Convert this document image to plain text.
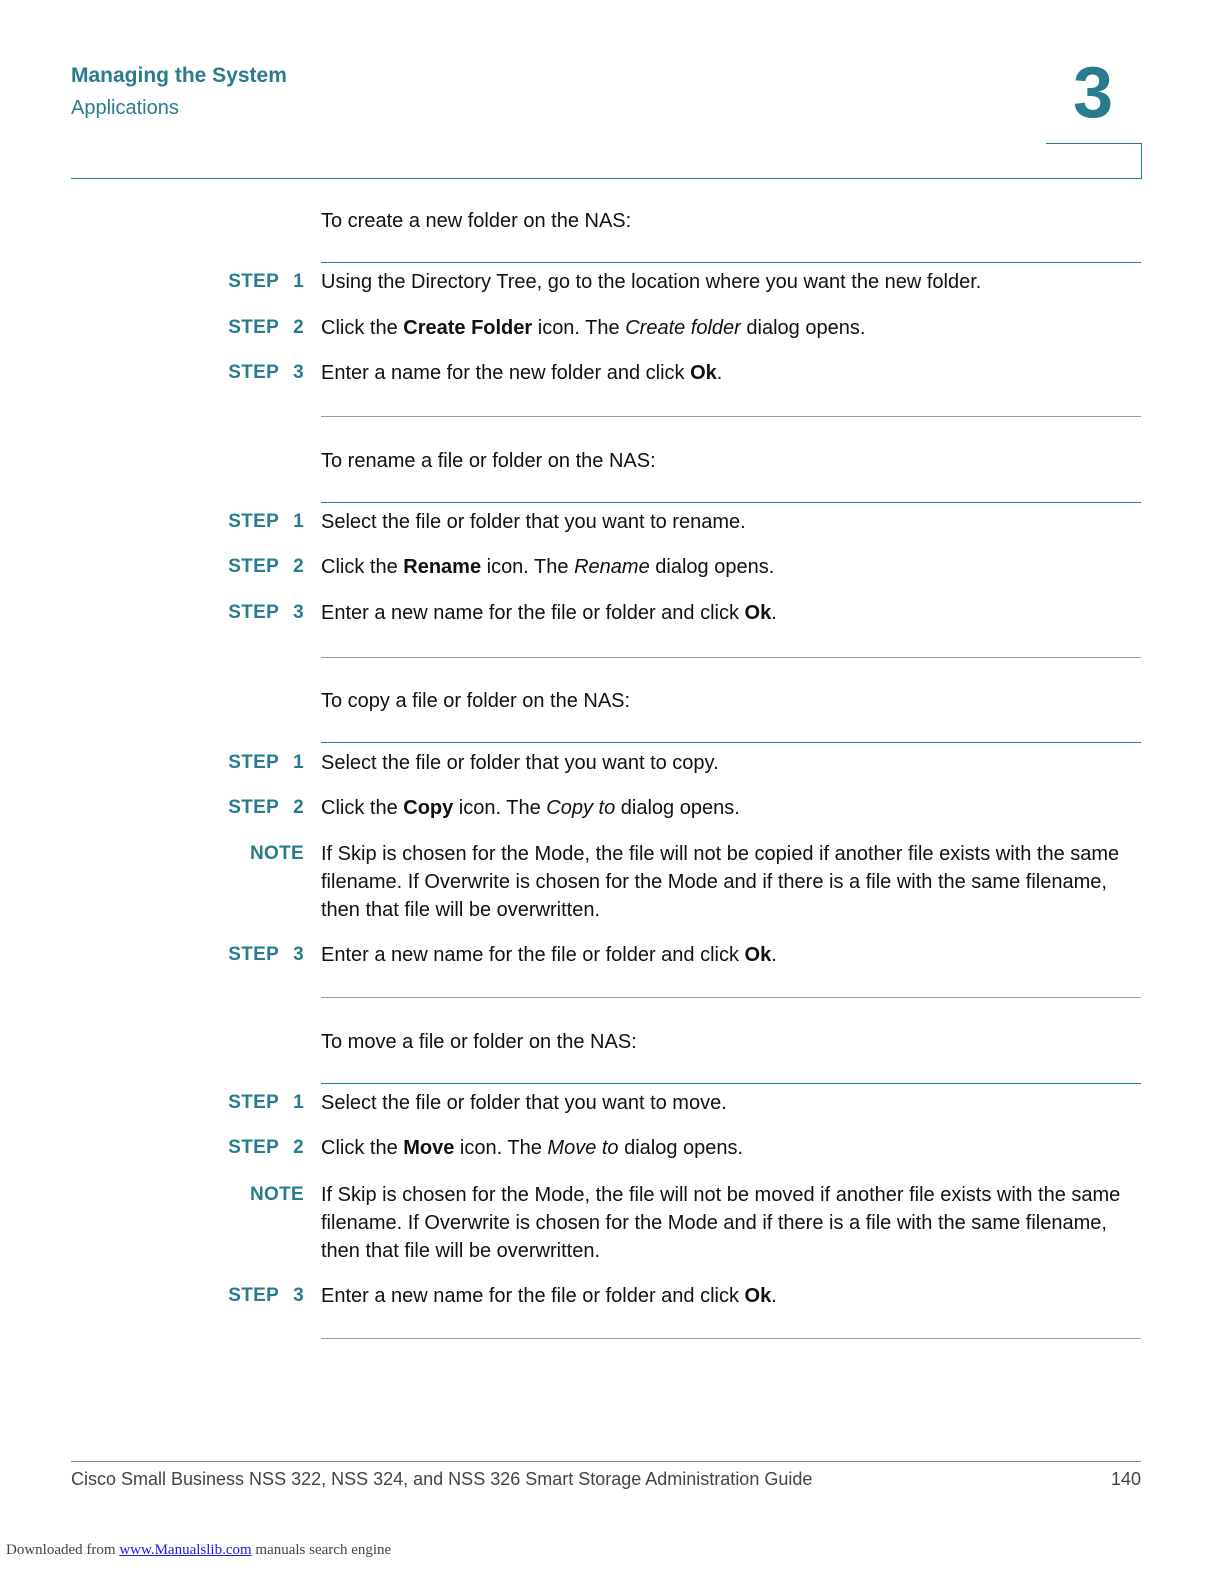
Managing the System
Applications	3
To create a new folder on the NAS:
STEP 1 Using the Directory Tree, go to the location where you want the new folder.
STEP 2 Click the Create Folder icon. The Create folder dialog opens.
STEP 3 Enter a name for the new folder and click Ok.
To rename a file or folder on the NAS:
STEP 1 Select the file or folder that you want to rename.
STEP 2 Click the Rename icon. The Rename dialog opens.
STEP 3 Enter a new name for the file or folder and click Ok.
To copy a file or folder on the NAS:
STEP 1 Select the file or folder that you want to copy.
STEP 2 Click the Copy icon. The Copy to dialog opens.
NOTE If Skip is chosen for the Mode, the file will not be copied if another file exists with the same filename. If Overwrite is chosen for the Mode and if there is a file with the same filename, then that file will be overwritten.
STEP 3 Enter a new name for the file or folder and click Ok.
To move a file or folder on the NAS:
STEP 1 Select the file or folder that you want to move.
STEP 2 Click the Move icon. The Move to dialog opens.
NOTE If Skip is chosen for the Mode, the file will not be moved if another file exists with the same filename. If Overwrite is chosen for the Mode and if there is a file with the same filename, then that file will be overwritten.
STEP 3 Enter a new name for the file or folder and click Ok.
Cisco Small Business NSS 322, NSS 324, and NSS 326 Smart Storage Administration Guide	140
Downloaded from www.Manualslib.com manuals search engine
